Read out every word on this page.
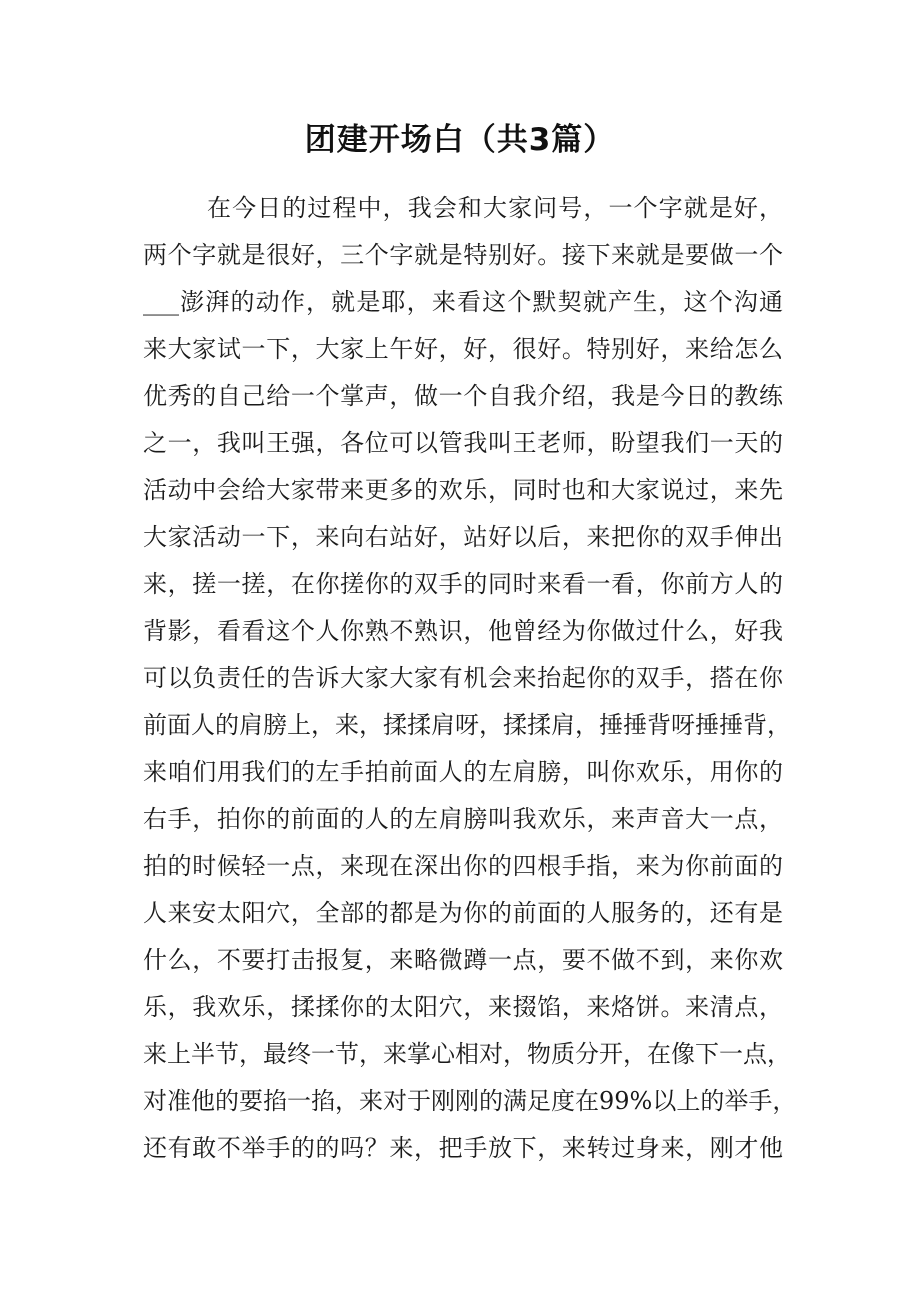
团建开场白（共3篇）
在今日的过程中，我会和大家问号，一个字就是好，
两个字就是很好，三个字就是特别好。接下来就是要做一个
___澎湃的动作，就是耶，来看这个默契就产生，这个沟通
来大家试一下，大家上午好，好，很好。特别好，来给怎么
优秀的自己给一个掌声，做一个自我介绍，我是今日的教练
之一，我叫王强，各位可以管我叫王老师，盼望我们一天的
活动中会给大家带来更多的欢乐，同时也和大家说过，来先
大家活动一下，来向右站好，站好以后，来把你的双手伸出
来，搓一搓，在你搓你的双手的同时来看一看，你前方人的
背影，看看这个人你熟不熟识，他曾经为你做过什么，好我
可以负责任的告诉大家大家有机会来抬起你的双手，搭在你
前面人的肩膀上，来，揉揉肩呀，揉揉肩，捶捶背呀捶捶背，
来咱们用我们的左手拍前面人的左肩膀，叫你欢乐，用你的
右手，拍你的前面的人的左肩膀叫我欢乐，来声音大一点，
拍的时候轻一点，来现在深出你的四根手指，来为你前面的
人来安太阳穴，全部的都是为你的前面的人服务的，还有是
什么，不要打击报复，来略微蹲一点，要不做不到，来你欢
乐，我欢乐，揉揉你的太阳穴，来掇馅，来烙饼。来清点，
来上半节，最终一节，来掌心相对，物质分开，在像下一点，
对准他的要掐一掐，来对于刚刚的满足度在99%以上的举手，
还有敢不举手的的吗？来，把手放下，来转过身来，刚才他
